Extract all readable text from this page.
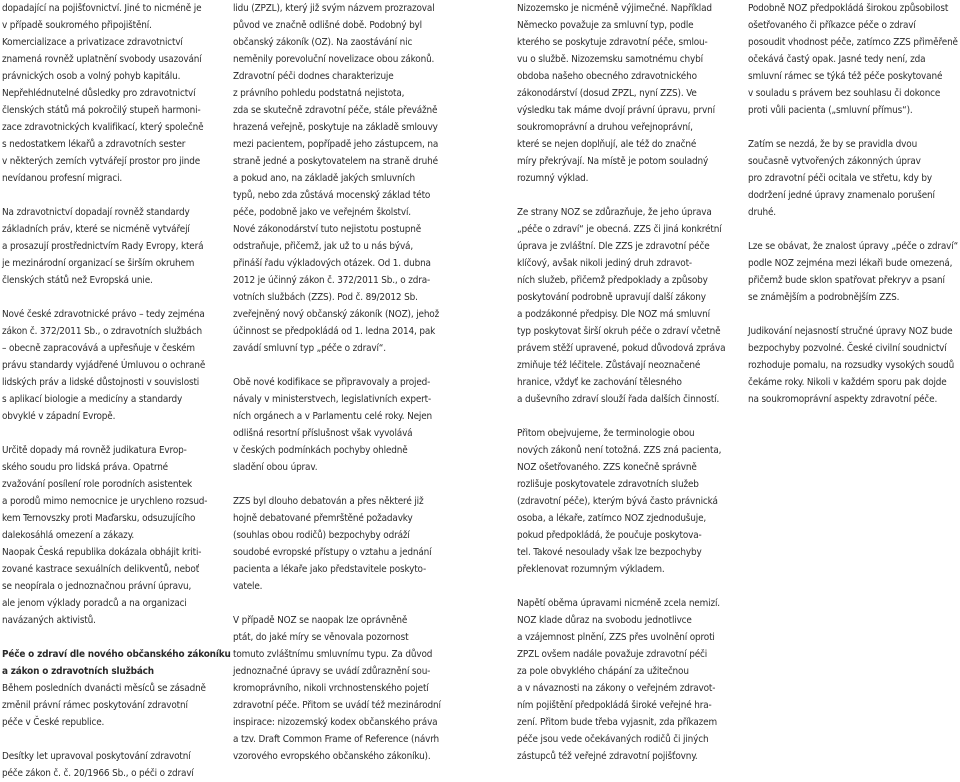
dopadající na pojišťovnictví. Jiné to nicméně je
v případě soukromého připojištění.
Komercializace a privatizace zdravotnictví
znamená rovněž uplatnění svobody usazování
právnických osob a volný pohyb kapitálu.

Nepřehlédnutelné důsledky pro zdravotnictví
členských států má pokročilý stupeň harmoni-
zace zdravotnických kvalifikací, který společně
s nedostatkem lékařů a zdravotních sester
v některých zemích vytvářejí prostor pro jinde
nevídanou profesní migraci.

Na zdravotnictví dopadají rovněž standardy
základních práv, které se nicméně vytvářejí
a prosazují prostřednictvím Rady Evropy, která
je mezinárodní organizací se širším okruhem
členských států než Evropská unie.

Nové české zdravotnické právo – tedy zejména
zákon č. 372/2011 Sb., o zdravotních službách
– obecně zapracovává a upřesňuje v českém
právu standardy vyjádřené Úmluvou o ochraně
lidských práv a lidské důstojnosti v souvislosti
s aplikací biologie a medicíny a standardy
obvyklé v západní Evropě.

Určitě dopady má rovněž judikatura Evrop-
ského soudu pro lidská práva. Opatrné
zvažování posílení role porodních asistentek
a porodů mimo nemocnice je urychleno rozsud-
kem Ternovszky proti Maďarsku, odsuzujícího
dalekosáhlá omezení a zákazy.
Naopak Česká republika dokázala obhájit kriti-
zované kastrace sexuálních delikventů, neboť
se neopírala o jednoznačnou právní úpravu,
ale jenom výklady poradců a na organizaci
navázaných aktivistů.

Péče o zdraví dle nového občanského zákoníku
a zákon o zdravotních službách
Během posledních dvanácti měsíců se zásadně
změnil právní rámec poskytování zdravotní
péče v České republice.

Desítky let upravoval poskytování zdravotní
péče zákon č. č. 20/1966 Sb., o péči o zdraví

lidu (ZPZL), který již svým názvem prozrazoval
původ ve značně odlišné době. Podobný byl
občanský zákoník (OZ). Na zaostávání nic
neměnily porevoluční novelizace obou zákonů.

Zdravotní péči dodnes charakterizuje
z právního pohledu podstatná nejistota,
zda se skutečně zdravotní péče, stále převážně
hrazená veřejně, poskytuje na základě smlouvy
mezi pacientem, popřípadě jeho zástupcem, na
straně jedné a poskytovatelem na straně druhé
a pokud ano, na základě jakých smluvních
typů, nebo zda zůstává mocenský základ této
péče, podobně jako ve veřejném školství.
Nové zákonodárství tuto nejistotu postupně
odstraňuje, přičemž, jak už to u nás bývá,
přináší řadu výkladových otázek. Od 1. dubna
2012 je účinný zákon č. 372/2011 Sb., o zdra-
votních službách (ZZS). Pod č. 89/2012 Sb.
zveřejněný nový občanský zákoník (NOZ), jehož
účinnost se předpokládá od 1. ledna 2014, pak
zavádí smluvní typ „péče o zdraví“.

Obě nové kodifikace se připravovaly a projed-
návaly v ministerstvech, legislativních expert-
ních orgánech a v Parlamentu celé roky. Nejen
odlišná resortní příslušnost však vyvolává
v českých podmínkách pochyby ohledně
sladění obou úprav.

ZZS byl dlouho debatován a přes některé již
hojně debatované přemrštěné požadavky
(souhlas obou rodičů) bezpochyby odráží
soudobé evropské přístupy o vztahu a jednání
pacienta a lékaře jako představitele poskyto-
vatele.

V případě NOZ se naopak lze oprávněně
ptát, do jaké míry se věnovala pozornost
tomuto zvláštnímu smluvnímu typu. Za důvod
jednoznačné úpravy se uvádí zdůraznění sou-
kromoprávního, nikoli vrchnostenského pojetí
zdravotní péče. Přitom se uvádí též mezinárodní
inspirace: nizozemský kodex občanského práva
a tzv. Draft Common Frame of Reference (návrh
vzorového evropského občanského zákoníku).

Nizozemsko je nicméně výjimečné. Například
Německo považuje za smluvní typ, podle
kterého se poskytuje zdravotní péče, smlou-
vu o službě. Nizozemsku samotnému chybí
obdoba našeho obecného zdravotnického
zákonodárství (dosud ZPZL, nyní ZZS). Ve
výsledku tak máme dvojí právní úpravu, první
soukromoprávní a druhou veřejnoprávní,
které se nejen doplňují, ale též do značné
míry překrývají. Na místě je potom souladný
rozumný výklad.

Ze strany NOZ se zdůrazňuje, že jeho úprava
„péče o zdraví“ je obecná. ZZS či jiná konkrétní
úprava je zvláštní. Dle ZZS je zdravotní péče
klíčový, avšak nikoli jediný druh zdravot-
ních služeb, přičemž předpoklady a způsoby
poskytování podrobně upravují další zákony
a podzákonné předpisy. Dle NOZ má smluvní
typ poskytovat širší okruh péče o zdraví včetně
právem stěží upravené, pokud důvodová zpráva
zmiňuje též léčitele. Zůstávají neoznačené
hranice, vždyť ke zachování tělesného
a duševního zdraví slouží řada dalších činností.

Přitom obejvujeme, že terminologie obou
nových zákonů není totožná. ZZS zná pacienta,
NOZ ošetřovaného. ZZS konečně správně
rozlišuje poskytovatele zdravotních služeb
(zdravotní péče), kterým bývá často právnická
osoba, a lékaře, zatímco NOZ zjednodušuje,
pokud předpokládá, že poučuje poskytova-
tel. Takové nesoulady však lze bezpochyby
překlenovat rozumným výkladem.

Napětí oběma úpravami nicméně zcela nemizí.
NOZ klade důraz na svobodu jednotlivce
a vzájemnost plnění, ZZS přes uvolnění oproti
ZPZL ovšem nadále považuje zdravotní péči
za pole obvyklého chápání za užitečnou
a v návaznosti na zákony o veřejném zdravot-
ním pojištění předpokládá široké veřejné hra-
zení. Přitom bude třeba vyjasnit, zda příkazem
péče jsou vede očekávaných rodičů či jiných
zástupců též veřejné zdravotní pojišťovny.

Podobně NOZ předpokládá širokou způsobilost
ošetřovaného či příkazce péče o zdraví
posoudit vhodnost péče, zatímco ZZS přiměřeně
očekává častý opak. Jasné tedy není, zda
smluvní rámec se týká též péče poskytované
v souladu s právem bez souhlasu či dokonce
proti vůli pacienta („smluvní přímus“).

Zatím se nezdá, že by se pravidla dvou
současně vytvořených zákonných úprav
pro zdravotní péči ocitala ve střetu, kdy by
dodržení jedné úpravy znamenalo porušení
druhé.

Lze se obávat, že znalost úpravy „péče o zdraví“
podle NOZ zejména mezi lékaři bude omezená,
přičemž bude sklon spatřovat překryv a psaní
se známějším a podrobnějším ZZS.

Judikování nejasností stručné úpravy NOZ bude
bezpochyby pozvolné. České civilní soudnictví
rozhoduje pomalu, na rozsudky vysokých soudů
čekáme roky. Nikoli v každém sporu pak dojde
na soukromoprávní aspekty zdravotní péče.
